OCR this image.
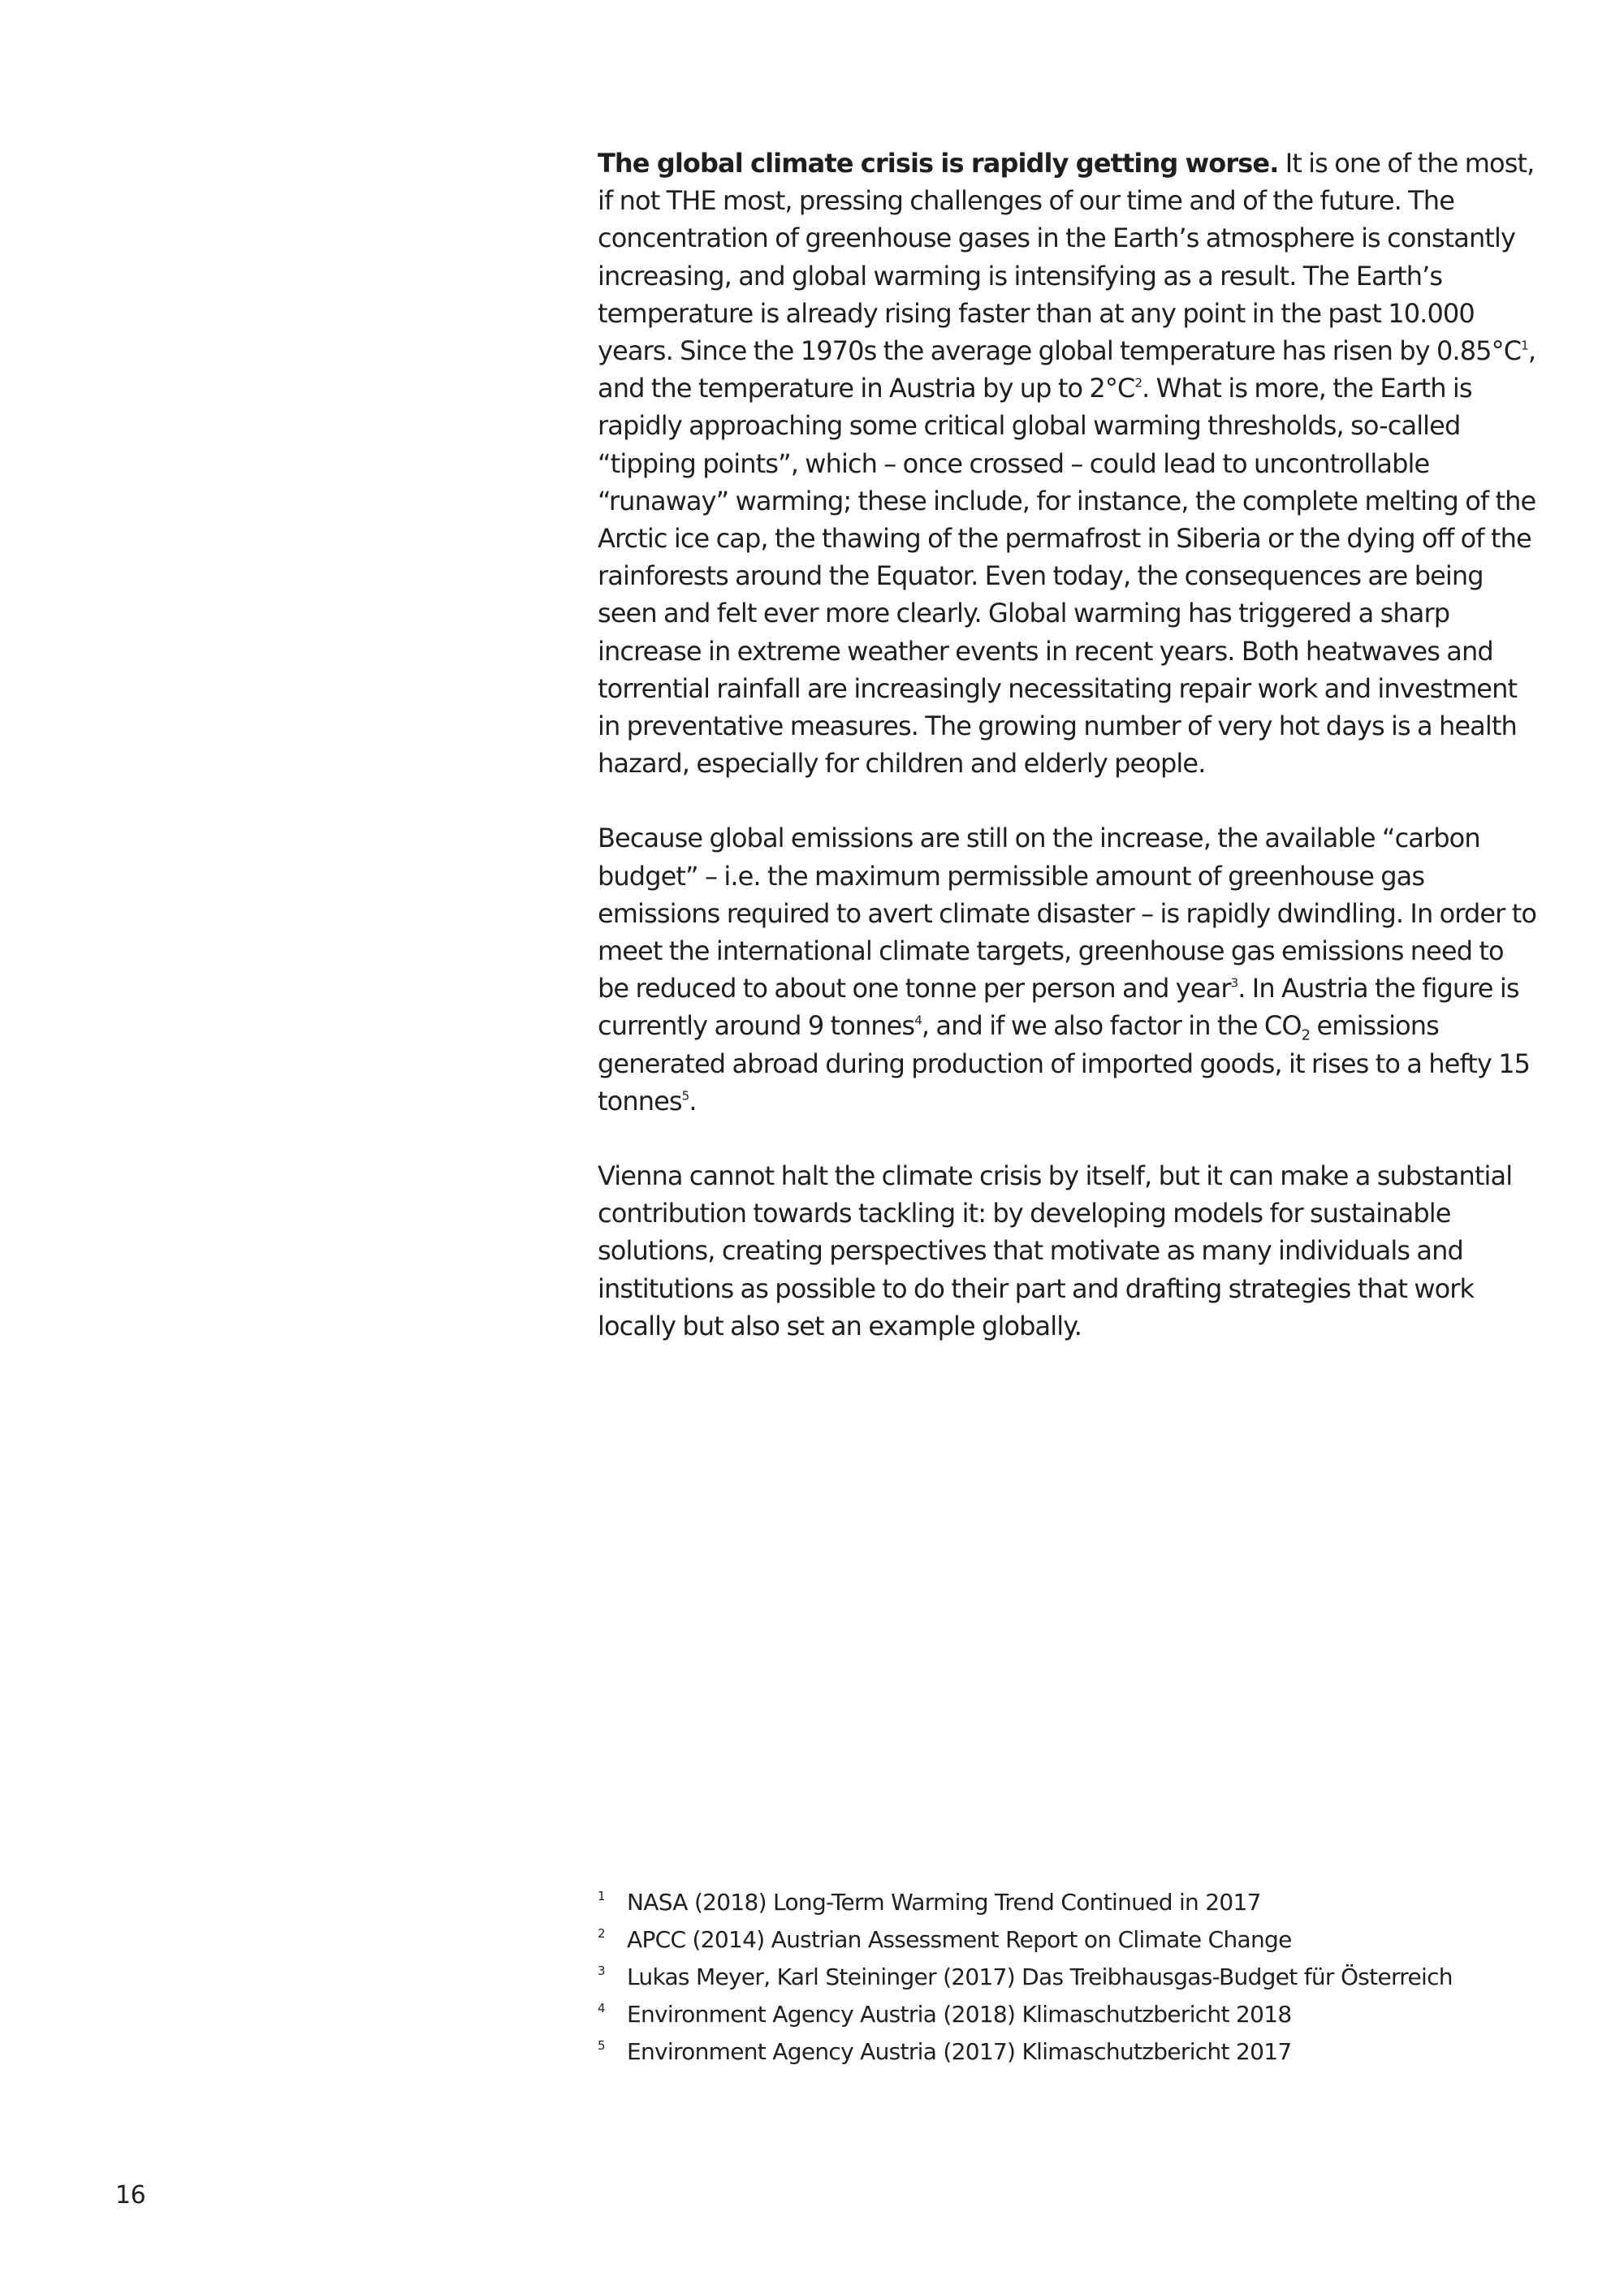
The global climate crisis is rapidly getting worse. It is one of the most, if not THE most, pressing challenges of our time and of the future. The concentration of greenhouse gases in the Earth’s atmosphere is constantly increasing, and global warming is intensifying as a result. The Earth’s temperature is already rising faster than at any point in the past 10.000 years. Since the 1970s the average global temperature has risen by $0.85^\circ C^1$, and the temperature in Austria by up to $2^\circ C^2$. What is more, the Earth is rapidly approaching some critical global warming thresholds, so-called “tipping points”, which – once crossed – could lead to uncontrollable “runaway” warming; these include, for instance, the complete melting of the Arctic ice cap, the thawing of the permafrost in Siberia or the dying off of the rainforests around the Equator. Even today, the consequences are being seen and felt ever more clearly. Global warming has triggered a sharp increase in extreme weather events in recent years. Both heatwaves and torrential rainfall are increasingly necessitating repair work and investment in preventative measures. The growing number of very hot days is a health hazard, especially for children and elderly people.

Because global emissions are still on the increase, the available “carbon budget” – i.e. the maximum permissible amount of greenhouse gas emissions required to avert climate disaster – is rapidly dwindling. In order to meet the international climate targets, greenhouse gas emissions need to be reduced to about one tonne per person and year$^3$. In Austria the figure is currently around 9 tonnes$^4$, and if we also factor in the $CO_2$ emissions generated abroad during production of imported goods, it rises to a hefty 15 tonnes$^5$.

Vienna cannot halt the climate crisis by itself, but it can make a substantial contribution towards tackling it: by developing models for sustainable solutions, creating perspectives that motivate as many individuals and institutions as possible to do their part and drafting strategies that work locally but also set an example globally.

1 NASA (2018) Long-Term Warming Trend Continued in 2017
2 APCC (2014) Austrian Assessment Report on Climate Change
3 Lukas Meyer, Karl Steininger (2017) Das Treibhausgas-Budget für Österreich
4 Environment Agency Austria (2018) Klimaschutzbericht 2018
5 Environment Agency Austria (2017) Klimaschutzbericht 2017
16
